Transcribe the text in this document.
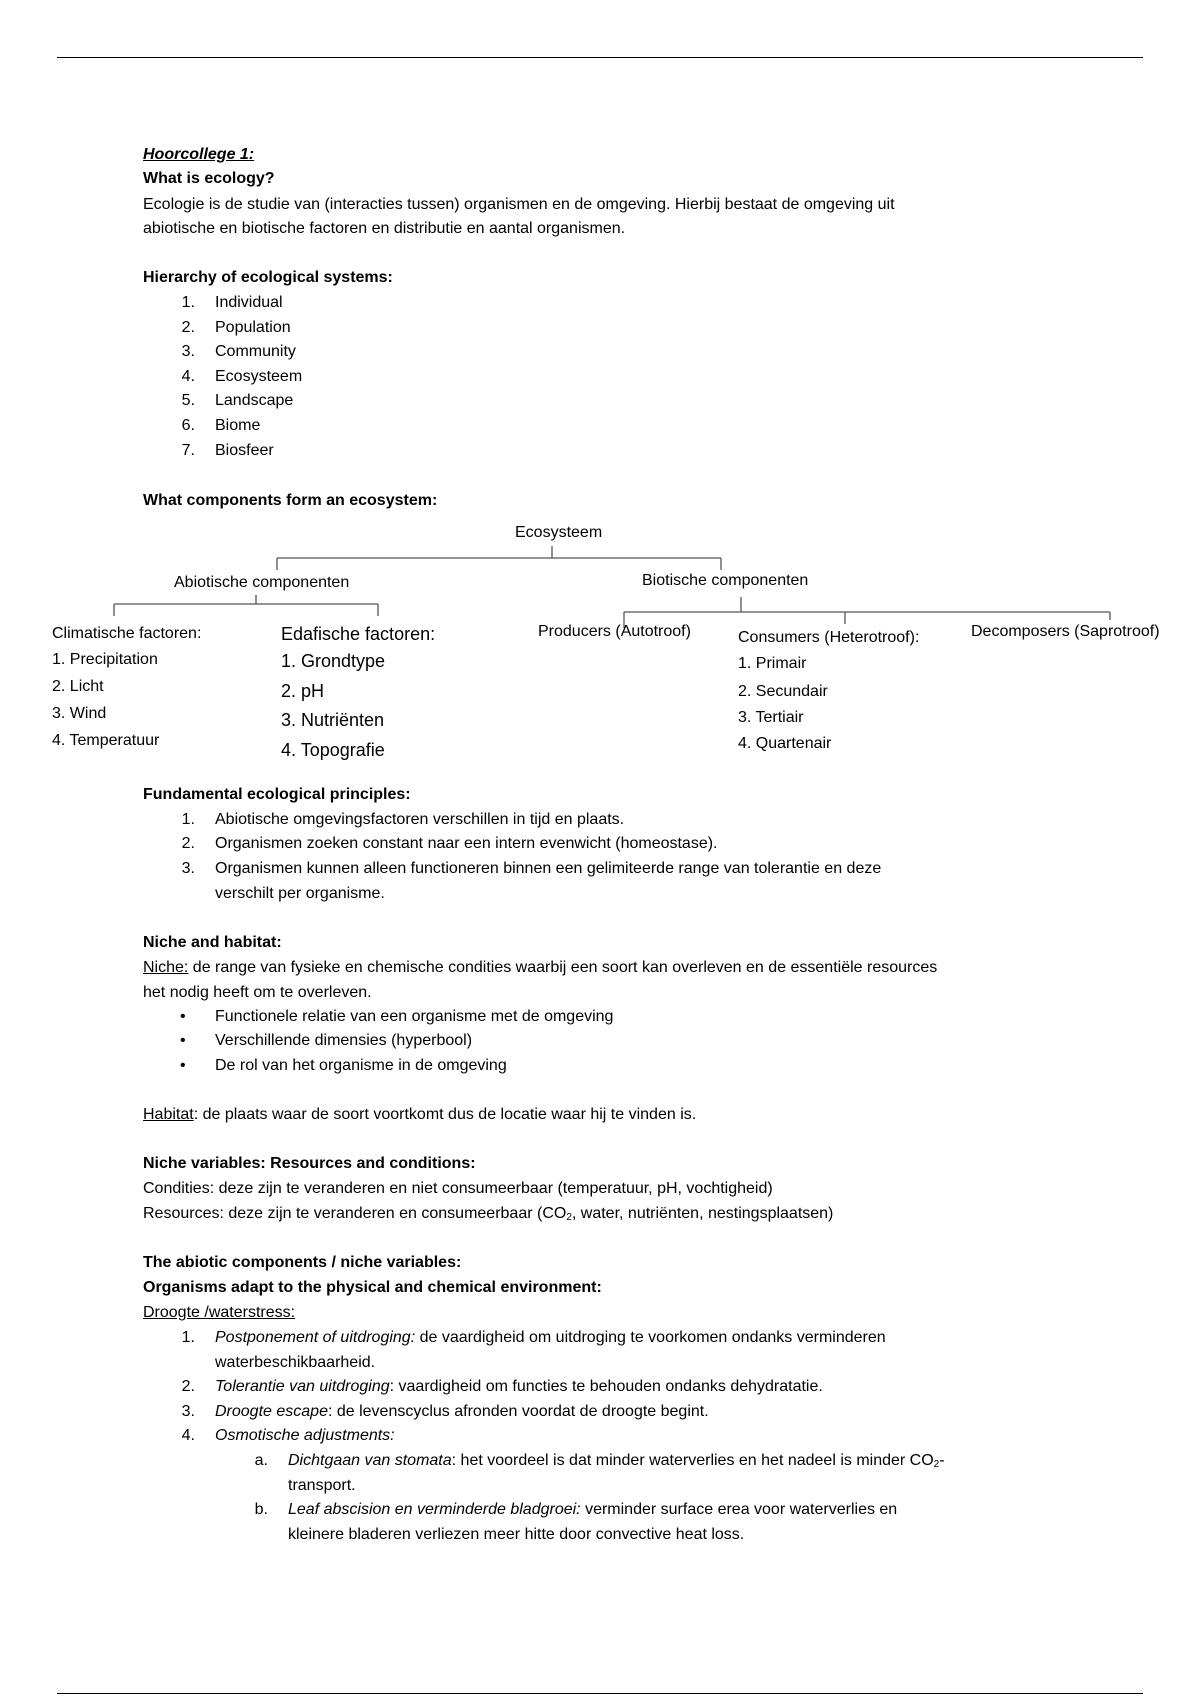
Hoorcollege 1:
What is ecology?
Ecologie is de studie van (interacties tussen) organismen en de omgeving. Hierbij bestaat de omgeving uit
abiotische en biotische factoren en distributie en aantal organismen.
Hierarchy of ecological systems:
1. Individual
2. Population
3. Community
4. Ecosysteem
5. Landscape
6. Biome
7. Biosfeer
What components form an ecosystem:
Ecosysteem
Abiotische componenten	Biotische componenten
Climatische factoren:
1. Precipitation
2. Licht
3. Wind
4. Temperatuur
Edafische factoren:
1. Grondtype
2. pH
3. Nutriënten
4. Topografie
Producers (Autotroof)	Consumers (Heterotroof):
1. Primair
2. Secundair
3. Tertiair
4. Quartenair
Decomposers (Saprotroof)
Fundamental ecological principles:
1. Abiotische omgevingsfactoren verschillen in tijd en plaats.
2. Organismen zoeken constant naar een intern evenwicht (homeostase).
3. Organismen kunnen alleen functioneren binnen een gelimiteerde range van tolerantie en deze
verschilt per organisme.
Niche and habitat:
Niche: de range van fysieke en chemische condities waarbij een soort kan overleven en de essentiële resources
het nodig heeft om te overleven.
• Functionele relatie van een organisme met de omgeving
• Verschillende dimensies (hyperbool)
• De rol van het organisme in de omgeving
Habitat: de plaats waar de soort voortkomt dus de locatie waar hij te vinden is.
Niche variables: Resources and conditions:
Condities: deze zijn te veranderen en niet consumeerbaar (temperatuur, pH, vochtigheid)
Resources: deze zijn te veranderen en consumeerbaar ($CO_2$, water, nutriënten, nestingsplaatsen)
The abiotic components / niche variables:
Organisms adapt to the physical and chemical environment:
Droogte /waterstress:
1. Postponement of uitdroging: de vaardigheid om uitdroging te voorkomen ondanks verminderen
waterbeschikbaarheid.
2. Tolerantie van uitdroging: vaardigheid om functies te behouden ondanks dehydratatie.
3. Droogte escape: de levenscyclus afronden voordat de droogte begint.
4. Osmotische adjustments:
a. Dichtgaan van stomata: het voordeel is dat minder waterverlies en het nadeel is minder $CO_2-$
transport.
b. Leaf abscision en verminderde bladgroei: verminder surface erea voor waterverlies en
kleinere bladeren verliezen meer hitte door convective heat loss.
